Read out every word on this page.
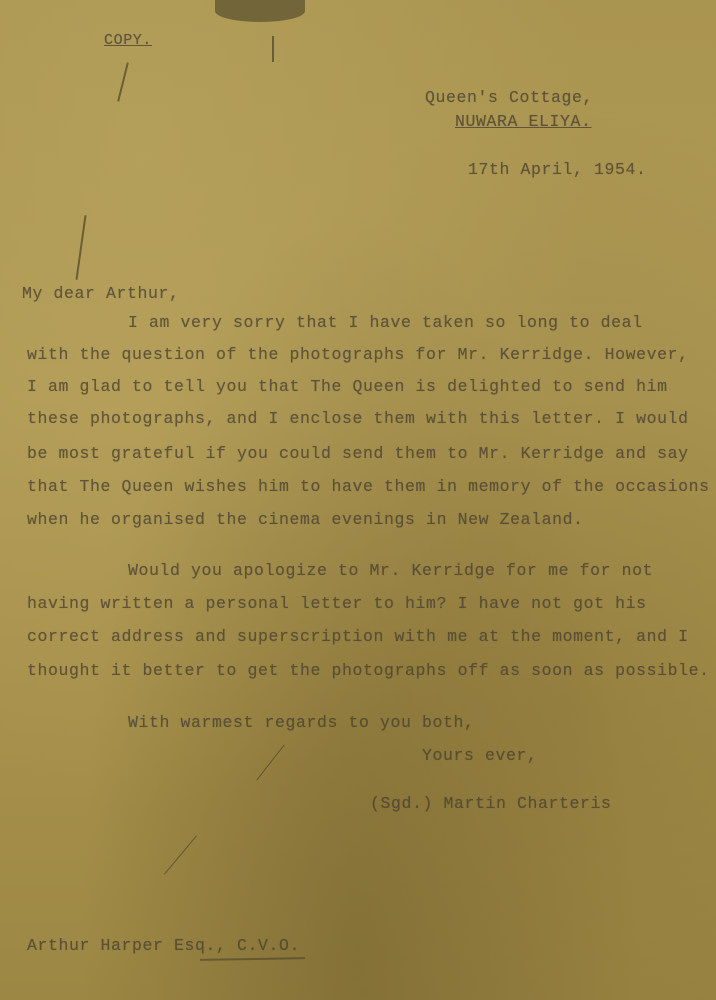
COPY.
Queen's Cottage,
NUWARA ELIYA.
17th April, 1954.
My dear Arthur,
I am very sorry that I have taken so long to deal
with the question of the photographs for Mr. Kerridge. However,
I am glad to tell you that The Queen is delighted to send him
these photographs, and I enclose them with this letter. I would
be most grateful if you could send them to Mr. Kerridge and say
that The Queen wishes him to have them in memory of the occasions
when he organised the cinema evenings in New Zealand.
Would you apologize to Mr. Kerridge for me for not
having written a personal letter to him? I have not got his
correct address and superscription with me at the moment, and I
thought it better to get the photographs off as soon as possible.
With warmest regards to you both,
Yours ever,
(Sgd.) Martin Charteris
Arthur Harper Esq., C.V.O.
